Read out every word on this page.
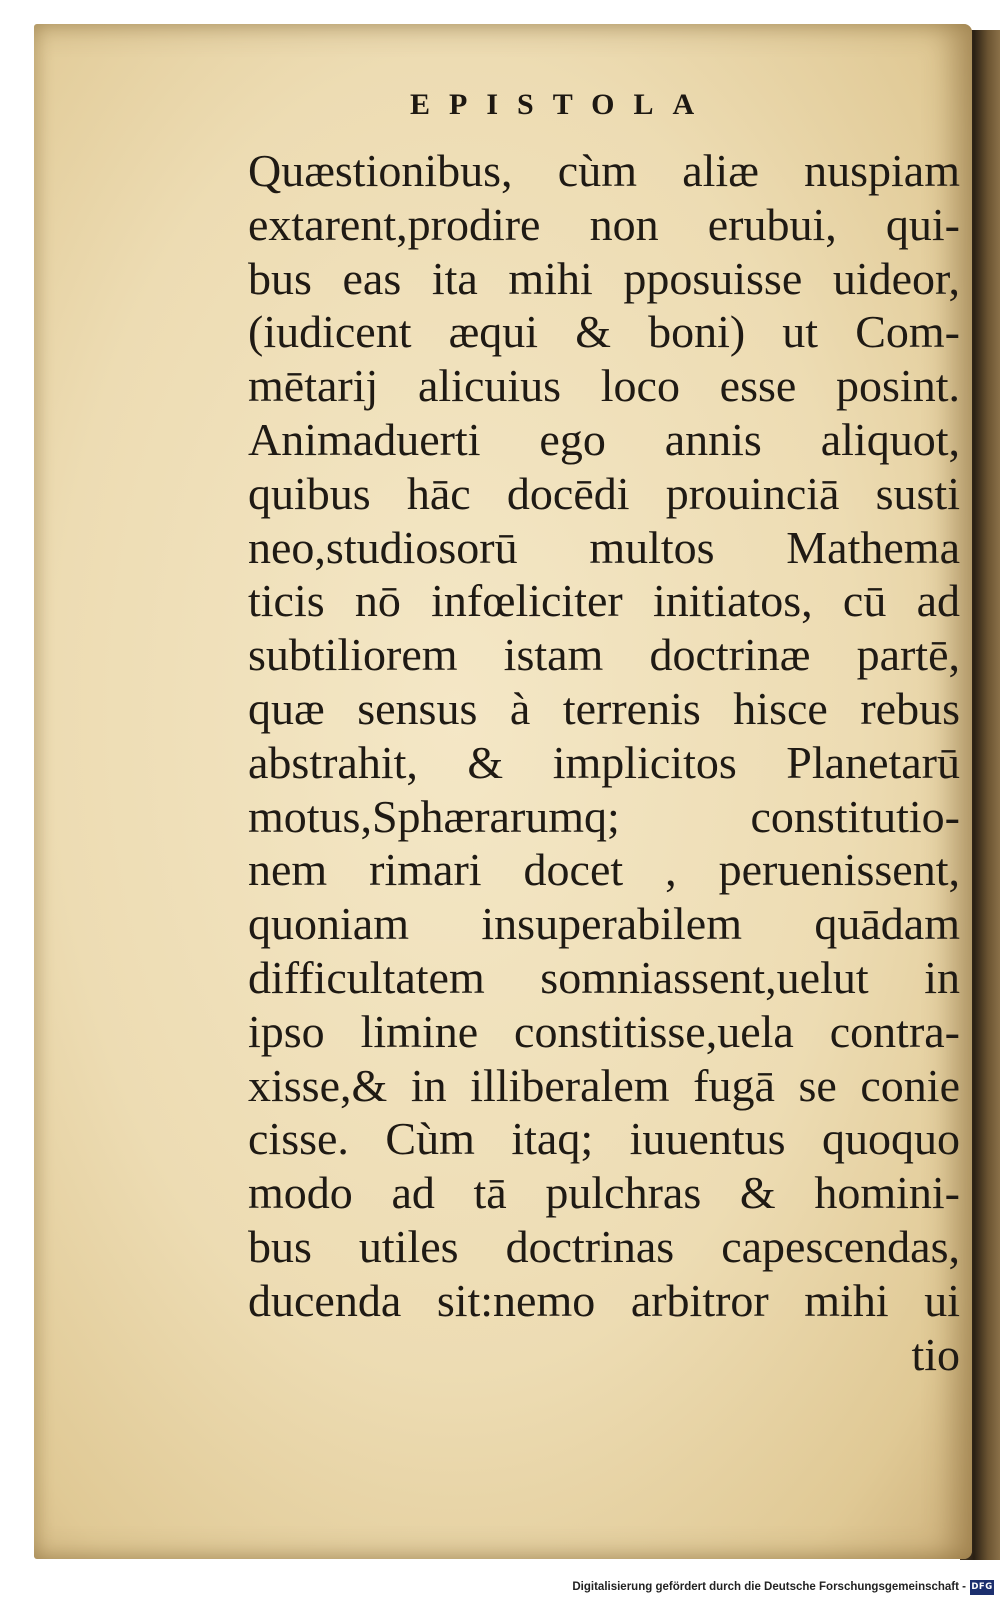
EPISTOLA
Quæstionibus, cùm aliæ nuspiam
extarent,prodire non erubui, qui-
bus eas ita mihi pposuisse uideor,
(iudicent æqui & boni) ut Com-
mētarij alicuius loco esse posint.
Animaduerti ego annis aliquot,
quibus hāc docēdi prouinciā susti
neo,studiosorū multos Mathema
ticis nō infœliciter initiatos, cū ad
subtiliorem istam doctrinæ partē,
quæ sensus à terrenis hisce rebus
abstrahit, & implicitos Planetarū
motus,Sphærarumq; constitutio-
nem rimari docet , peruenissent,
quoniam insuperabilem quādam
difficultatem somniassent,uelut in
ipso limine constitisse,uela contra-
xisse,& in illiberalem fugā se conie
cisse. Cùm itaq; iuuentus quoquo
modo ad tā pulchras & homini-
bus utiles doctrinas capescendas,
ducenda sit:nemo arbitror mihi ui
tio
Digitalisierung gefördert durch die Deutsche Forschungsgemeinschaft - DFG
